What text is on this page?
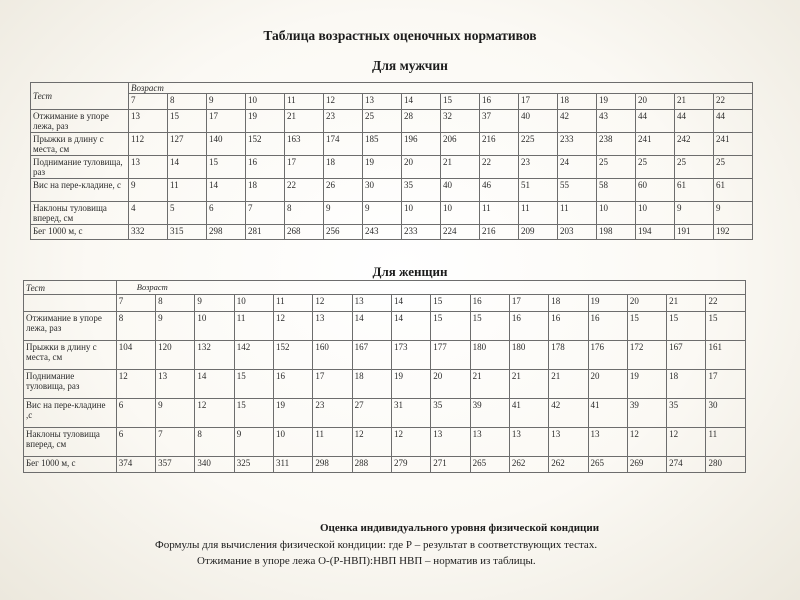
Таблица возрастных оценочных нормативов
Для мужчин
Тест	Возраст															
	7	8	9	10	11	12	13	14	15	16	17	18	19	20	21	22
Отжимание в упоре лежа, раз	13	15	17	19	21	23	25	28	32	37	40	42	43	44	44	44
Прыжки в длину с места, см	112	127	140	152	163	174	185	196	206	216	225	233	238	241	242	241
Поднимание туловища, раз	13	14	15	16	17	18	19	20	21	22	23	24	25	25	25	25
Вис на пере-кладине, с	9	11	14	18	22	26	30	35	40	46	51	55	58	60	61	61
Наклоны туловища вперед, см	4	5	6	7	8	9	9	10	10	11	11	11	10	10	9	9
Бег 1000 м, с	332	315	298	281	268	256	243	233	224	216	209	203	198	194	191	192
Для женщин
Тест	Возраст															
	7	8	9	10	11	12	13	14	15	16	17	18	19	20	21	22
Отжимание в упоре лежа, раз	8	9	10	11	12	13	14	14	15	15	16	16	16	15	15	15
Прыжки в длину с места, см	104	120	132	142	152	160	167	173	177	180	180	178	176	172	167	161
Поднимание туловища, раз	12	13	14	15	16	17	18	19	20	21	21	21	20	19	18	17
Вис на пере-кладине ,с	6	9	12	15	19	23	27	31	35	39	41	42	41	39	35	30
Наклоны туловища вперед, см	6	7	8	9	10	11	12	12	13	13	13	13	13	12	12	11
Бег 1000 м, с	374	357	340	325	311	298	288	279	271	265	262	262	265	269	274	280
Оценка индивидуального уровня физической кондиции
Формулы для вычисления физической кондиции: где Р – результат в соответствующих тестах.
Отжимание в упоре лежа О-(Р-НВП):НВП НВП – норматив из таблицы.
